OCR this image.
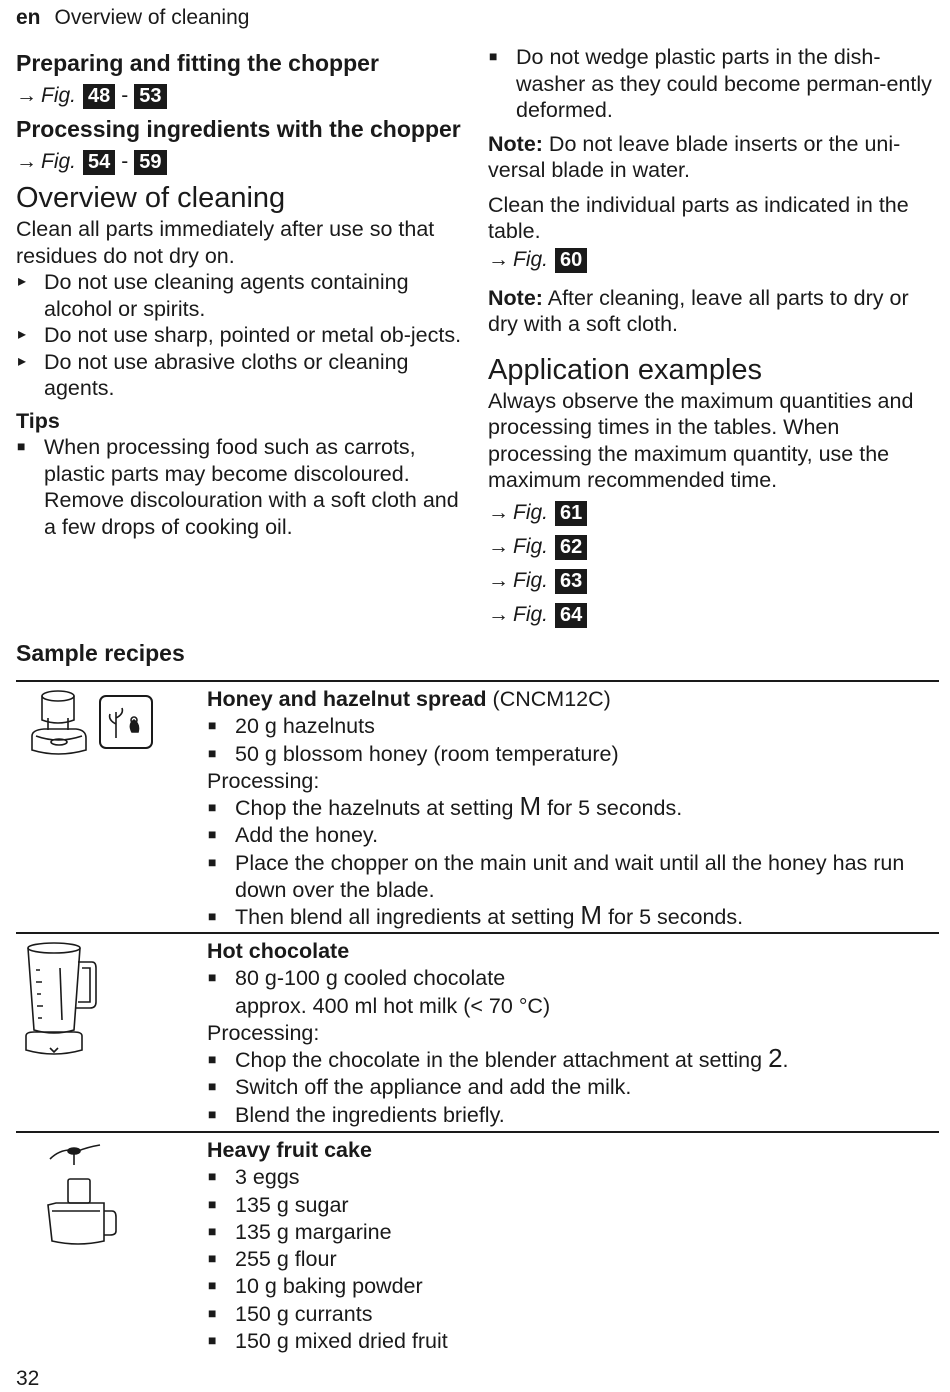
en Overview of cleaning
Preparing and fitting the chopper
→ Fig. 48 - 53
Processing ingredients with the chopper
→ Fig. 54 - 59
Overview of cleaning

Clean all parts immediately after use so that residues do not dry on.

▸ Do not use cleaning agents containing alcohol or spirits.
▸ Do not use sharp, pointed or metal ob-jects.
▸ Do not use abrasive cloths or cleaning agents.
Tips
■ When processing food such as carrots, plastic parts may become discoloured. Remove discolouration with a soft cloth and a few drops of cooking oil.
■ Do not wedge plastic parts in the dish-washer as they could become perman-ently deformed.

Note: Do not leave blade inserts or the uni-versal blade in water.

Clean the individual parts as indicated in the table.

→ Fig. 60

Note: After cleaning, leave all parts to dry or dry with a soft cloth.

Application examples

Always observe the maximum quantities and processing times in the tables. When processing the maximum quantity, use the maximum recommended time.

→ Fig. 61
→ Fig. 62
→ Fig. 63
→ Fig. 64
Sample recipes
Honey and hazelnut spread (CNCM12C)
■ 20 g hazelnuts
■ 50 g blossom honey (room temperature)
Processing:
■ Chop the hazelnuts at setting M for 5 seconds.
■ Add the honey.
■ Place the chopper on the main unit and wait until all the honey has run down over the blade.
■ Then blend all ingredients at setting M for 5 seconds.
Hot chocolate
■ 80 g-100 g cooled chocolate
approx. 400 ml hot milk (< 70 °C)
Processing:
■ Chop the chocolate in the blender attachment at setting 2.
■ Switch off the appliance and add the milk.
■ Blend the ingredients briefly.
Heavy fruit cake
■ 3 eggs
■ 135 g sugar
■ 135 g margarine
■ 255 g flour
■ 10 g baking powder
■ 150 g currants
■ 150 g mixed dried fruit
32
